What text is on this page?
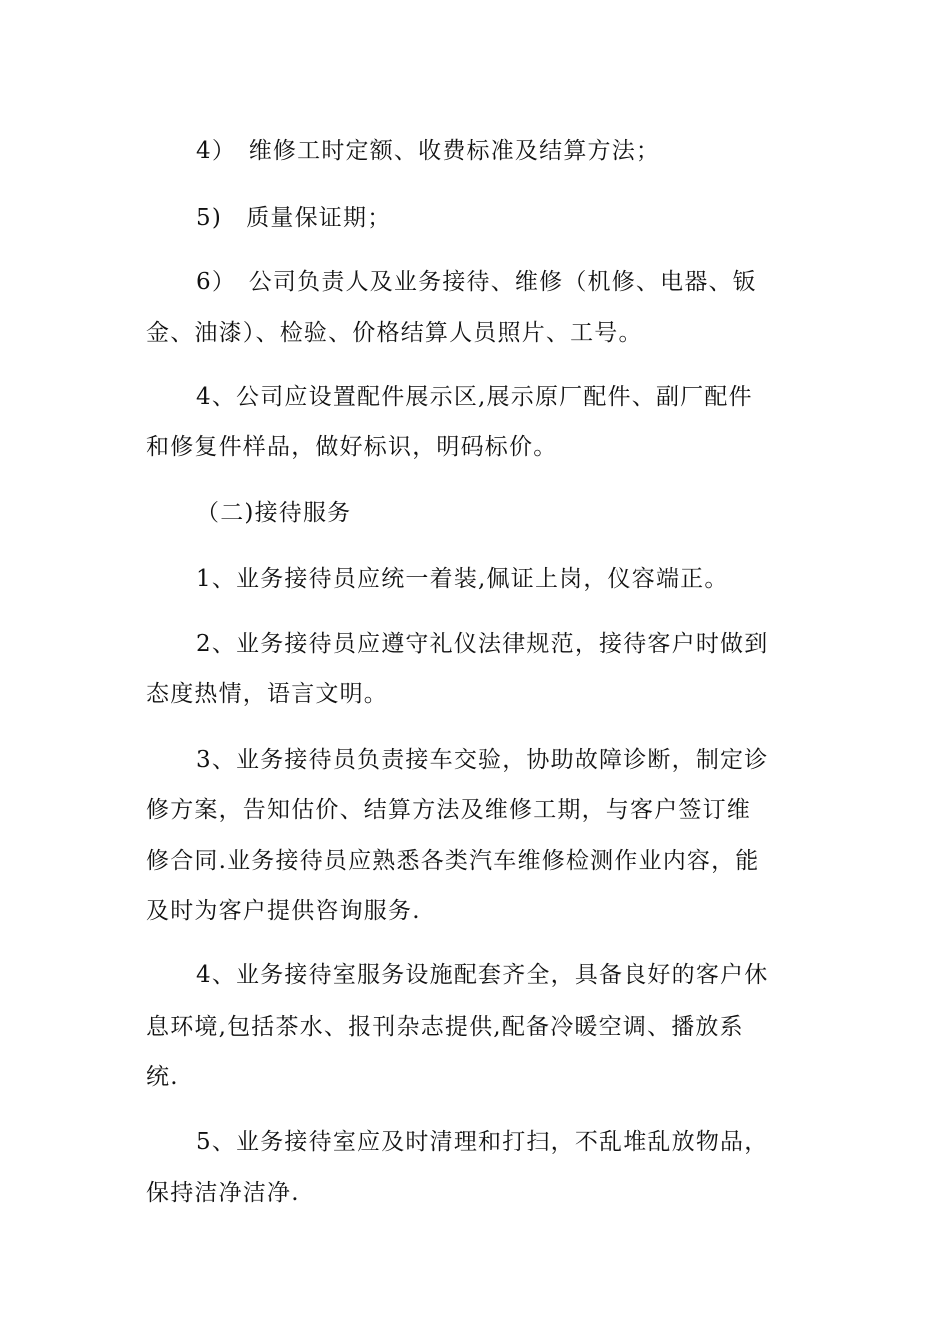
4）　维修工时定额、收费标准及结算方法；
5)　质量保证期；
6）　公司负责人及业务接待、维修（机修、电器、钣
金、油漆）、检验、价格结算人员照片、工号。
4、公司应设置配件展示区,展示原厂配件、副厂配件
和修复件样品，做好标识，明码标价。
（二)接待服务
1、业务接待员应统一着装,佩证上岗，仪容端正。
2、业务接待员应遵守礼仪法律规范，接待客户时做到
态度热情，语言文明。
3、业务接待员负责接车交验，协助故障诊断，制定诊
修方案，告知估价、结算方法及维修工期，与客户签订维
修合同.业务接待员应熟悉各类汽车维修检测作业内容，能
及时为客户提供咨询服务.
4、业务接待室服务设施配套齐全，具备良好的客户休
息环境,包括茶水、报刊杂志提供,配备冷暖空调、播放系
统.
5、业务接待室应及时清理和打扫，不乱堆乱放物品，
保持洁净洁净.
